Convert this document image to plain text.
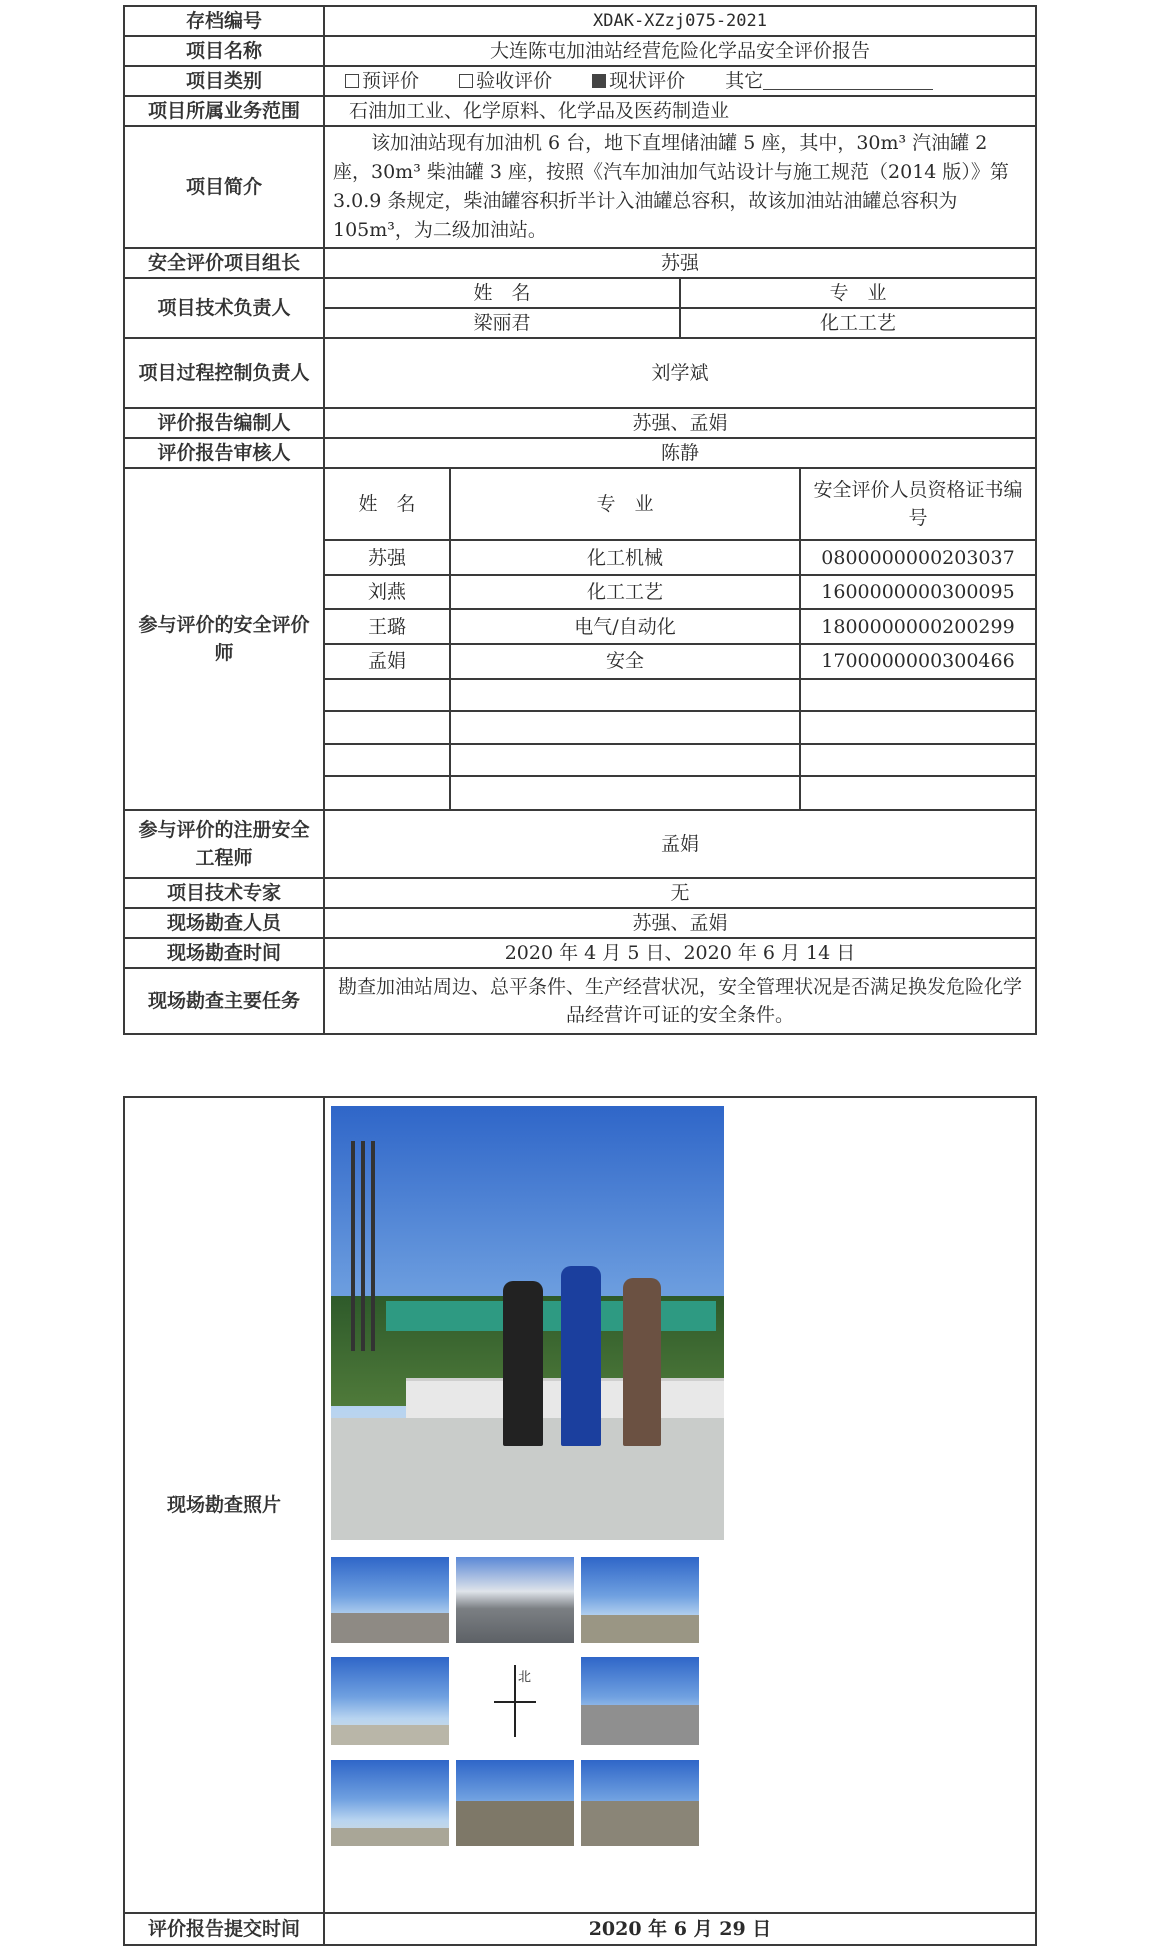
存档编号	XDAK-XZzj075-2021
项目名称	大连陈屯加油站经营危险化学品安全评价报告
项目类别	预评价	验收评价	现状评价 其它
项目所属业务范围	石油加工业、化学原料、化学品及医药制造业
项目简介	该加油站现有加油机 6 台，地下直埋储油罐 5 座，其中，30m³ 汽油罐 2 座，30m³ 柴油罐 3 座，按照《汽车加油加气站设计与施工规范（2014 版）》第 3.0.9 条规定，柴油罐容积折半计入油罐总容积，故该加油站油罐总容积为 105m³，为二级加油站。
安全评价项目组长	苏强
项目技术负责人	
姓　名	专　业
梁丽君	化工工艺

项目过程控制负责人	刘学斌
评价报告编制人	苏强、孟娟
评价报告审核人	陈静
参与评价的安全评价师	
姓　名	专　业	安全评价人员资格证书编号
苏强	化工机械	0800000000203037
刘燕	化工工艺	1600000000300095
王璐	电气/自动化	1800000000200299
孟娟	安全	1700000000300466

参与评价的注册安全工程师	孟娟
项目技术专家	无
现场勘查人员	苏强、孟娟
现场勘查时间	2020 年 4 月 5 日、2020 年 6 月 14 日
现场勘查主要任务	勘查加油站周边、总平条件、生产经营状况，安全管理状况是否满足换发危险化学品经营许可证的安全条件。
现场勘查照片	北

评价报告提交时间	2020 年 6 月 29 日
